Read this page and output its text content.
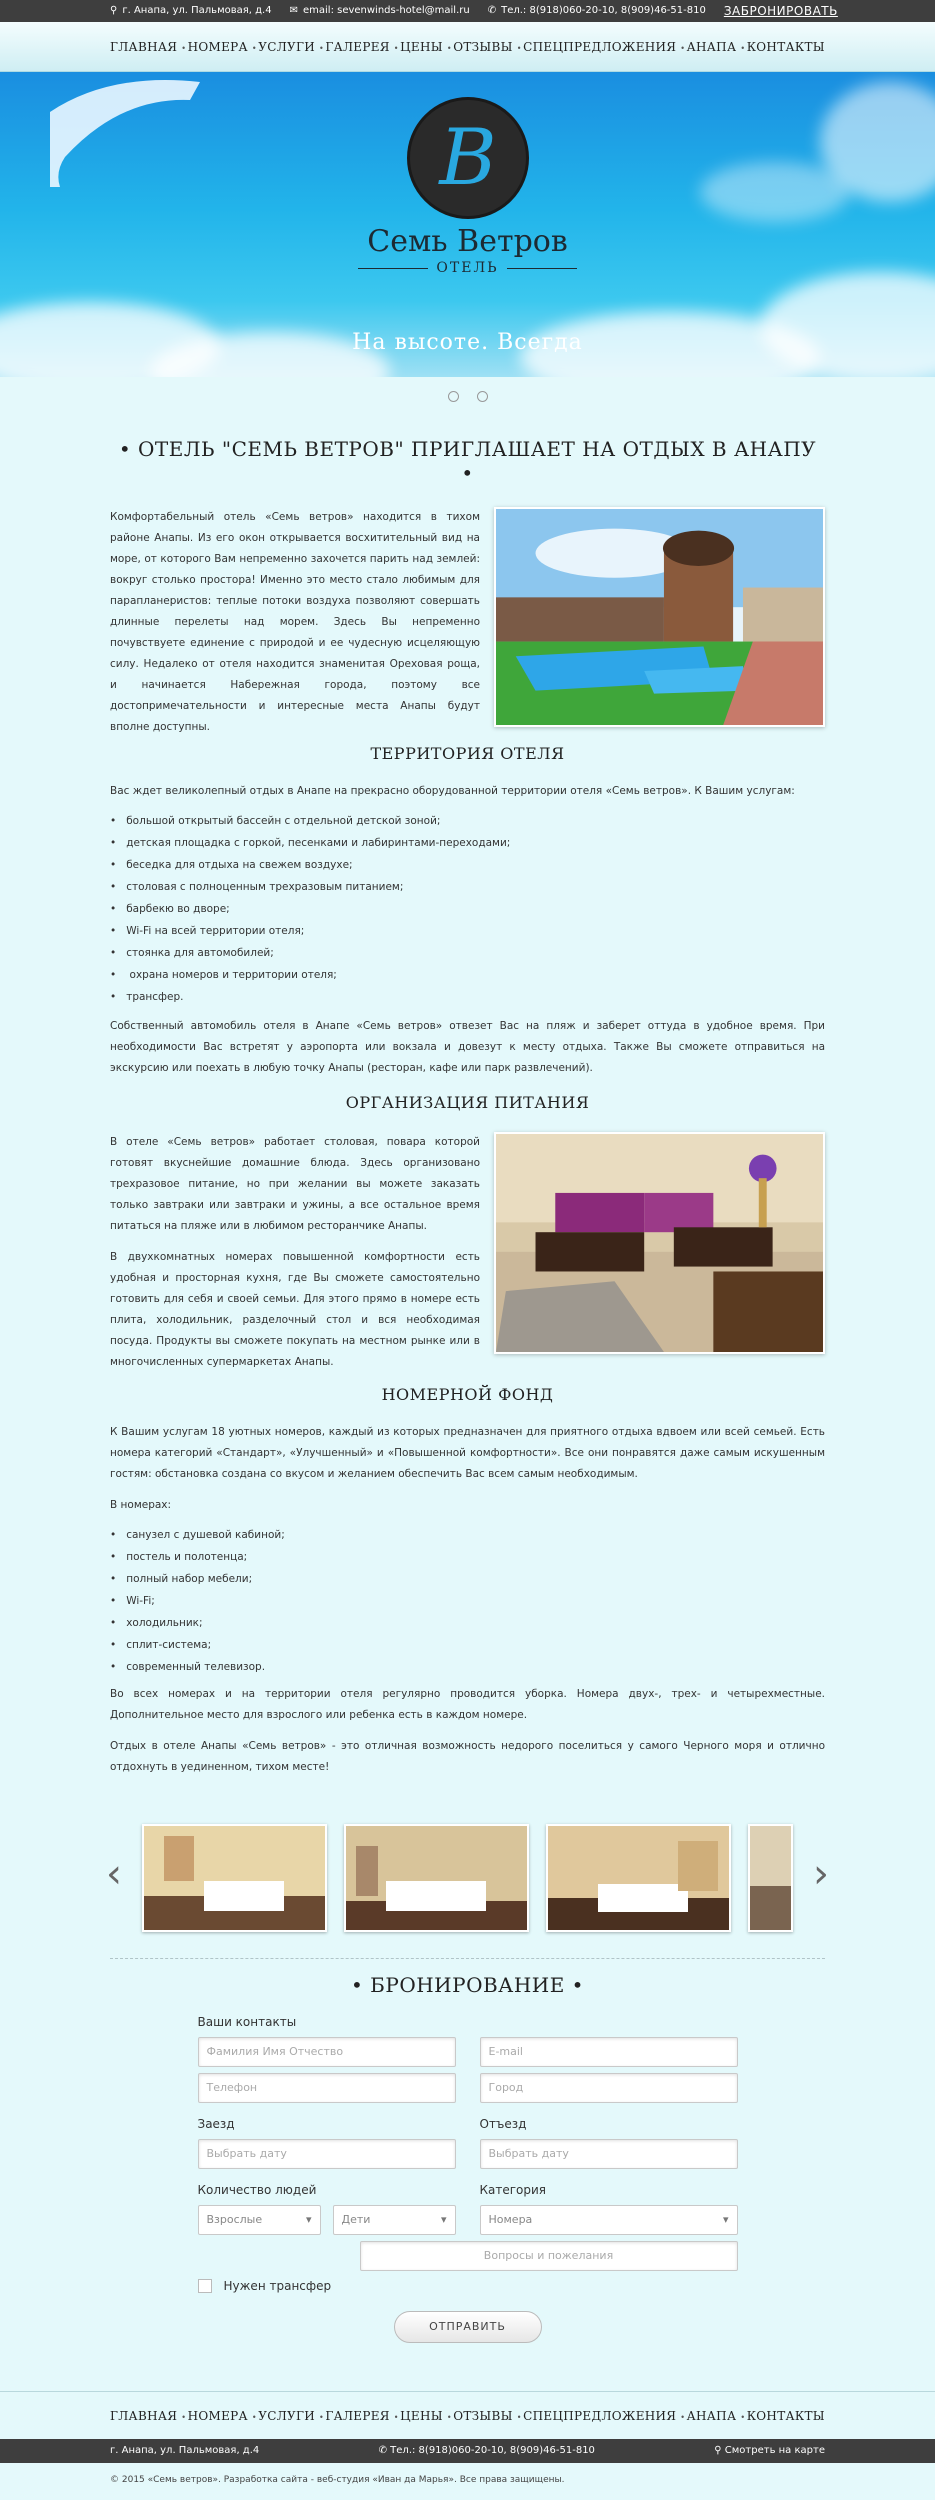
⚲ г. Анапа, ул. Пальмовая, д.4 ✉ email: sevenwinds-hotel@mail.ru ✆ Тел.: 8(918)060-20-10, 8(909)46-51-810 ЗАБРОНИРОВАТЬ
ГЛАВНАЯ • НОМЕРА • УСЛУГИ • ГАЛЕРЕЯ • ЦЕНЫ • ОТЗЫВЫ • СПЕЦПРЕДЛОЖЕНИЯ • АНАПА • КОНТАКТЫ
B
Семь Ветров
ОТЕЛЬ
На высоте. Всегда
• ОТЕЛЬ "СЕМЬ ВЕТРОВ" ПРИГЛАШАЕТ НА ОТДЫХ В АНАПУ •

Комфортабельный отель «Семь ветров» находится в тихом районе Анапы. Из его окон открывается восхитительный вид на море, от которого Вам непременно захочется парить над землей: вокруг столько простора! Именно это место стало любимым для парапланеристов: теплые потоки воздуха позволяют совершать длинные перелеты над морем. Здесь Вы непременно почувствуете единение с природой и ее чудесную исцеляющую силу. Недалеко от отеля находится знаменитая Ореховая роща, и начинается Набережная города, поэтому все достопримечательности и интересные места Анапы будут вполне доступны.

ТЕРРИТОРИЯ ОТЕЛЯ

Вас ждет великолепный отдых в Анапе на прекрасно оборудованной территории отеля «Семь ветров». К Вашим услугам:

• большой открытый бассейн с отдельной детской зоной;
• детская площадка с горкой, песенками и лабиринтами-переходами;
• беседка для отдыха на свежем воздухе;
• столовая с полноценным трехразовым питанием;
• барбекю во дворе;
• Wi-Fi на всей территории отеля;
• стоянка для автомобилей;
• охрана номеров и территории отеля;
• трансфер.

Собственный автомобиль отеля в Анапе «Семь ветров» отвезет Вас на пляж и заберет оттуда в удобное время. При необходимости Вас встретят у аэропорта или вокзала и довезут к месту отдыха. Также Вы сможете отправиться на экскурсию или поехать в любую точку Анапы (ресторан, кафе или парк развлечений).

ОРГАНИЗАЦИЯ ПИТАНИЯ

В отеле «Семь ветров» работает столовая, повара которой готовят вкуснейшие домашние блюда. Здесь организовано трехразовое питание, но при желании вы можете заказать только завтраки или завтраки и ужины, а все остальное время питаться на пляже или в любимом ресторанчике Анапы.

В двухкомнатных номерах повышенной комфортности есть удобная и просторная кухня, где Вы сможете самостоятельно готовить для себя и своей семьи. Для этого прямо в номере есть плита, холодильник, разделочный стол и вся необходимая посуда. Продукты вы сможете покупать на местном рынке или в многочисленных супермаркетах Анапы.

НОМЕРНОЙ ФОНД

К Вашим услугам 18 уютных номеров, каждый из которых предназначен для приятного отдыха вдвоем или всей семьей. Есть номера категорий «Стандарт», «Улучшенный» и «Повышенной комфортности». Все они понравятся даже самым искушенным гостям: обстановка создана со вкусом и желанием обеспечить Вас всем самым необходимым.

В номерах:

• санузел с душевой кабиной;
• постель и полотенца;
• полный набор мебели;
• Wi-Fi;
• холодильник;
• сплит-система;
• современный телевизор.

Во всех номерах и на территории отеля регулярно проводится уборка. Номера двух-, трех- и четырехместные. Дополнительное место для взрослого или ребенка есть в каждом номере.

Отдых в отеле Анапы «Семь ветров» - это отличная возможность недорого поселиться у самого Черного моря и отлично отдохнуть в уединенном, тихом месте!

‹	›
• БРОНИРОВАНИЕ •
Ваши контакты
Фамилия Имя Отчество	E-mail
Телефон	Город
Заезд
Выбрать дату
Отъезд
Выбрать дату
Количество людей
Взрослые ▾	Дети ▾
Категория
Номера ▾
Вопросы и пожелания
Нужен трансфер
ОТПРАВИТЬ
ГЛАВНАЯ • НОМЕРА • УСЛУГИ • ГАЛЕРЕЯ • ЦЕНЫ • ОТЗЫВЫ • СПЕЦПРЕДЛОЖЕНИЯ • АНАПА • КОНТАКТЫ
г. Анапа, ул. Пальмовая, д.4	✆ Тел.: 8(918)060-20-10, 8(909)46-51-810	⚲ Смотреть на карте
© 2015 «Семь ветров». Разработка сайта - веб-студия «Иван да Марья». Все права защищены.
